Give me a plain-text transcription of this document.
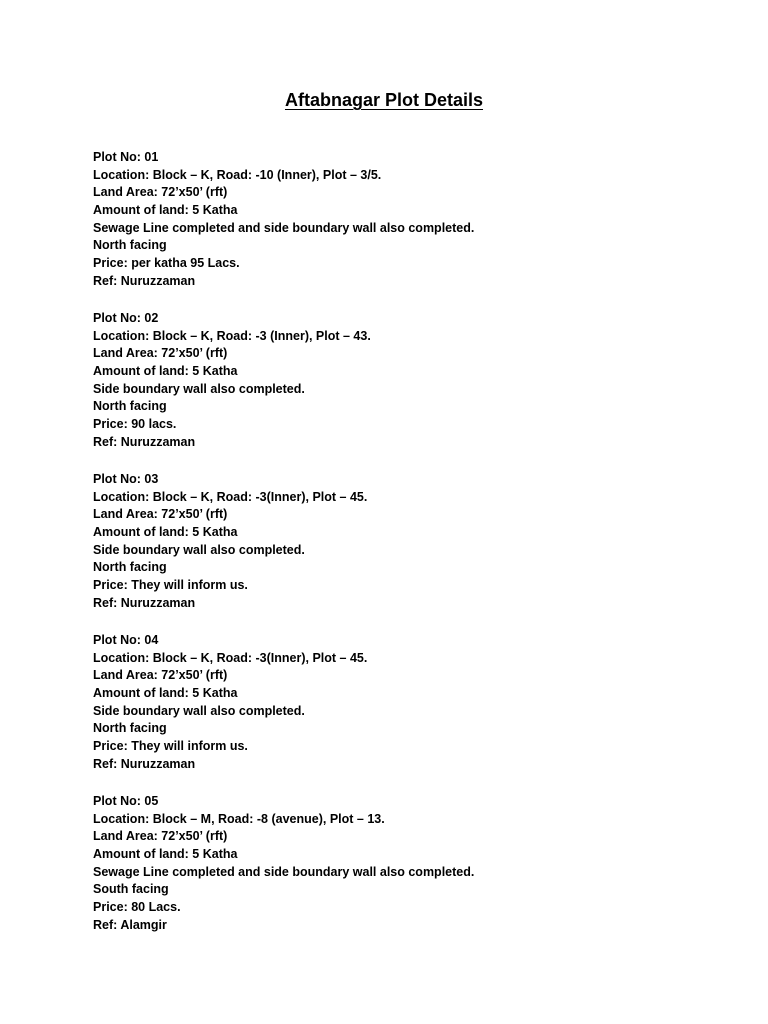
Aftabnagar Plot Details
Plot No: 01
Location: Block – K, Road: -10 (Inner), Plot – 3/5.
Land Area: 72’x50’ (rft)
Amount of land: 5 Katha
Sewage Line completed and side boundary wall also completed.
North facing
Price: per katha 95 Lacs.
Ref: Nuruzzaman
Plot No: 02
Location: Block – K, Road: -3 (Inner), Plot – 43.
Land Area: 72’x50’ (rft)
Amount of land: 5 Katha
Side boundary wall also completed.
North facing
Price: 90 lacs.
Ref: Nuruzzaman
Plot No: 03
Location: Block – K, Road: -3(Inner), Plot – 45.
Land Area: 72’x50’ (rft)
Amount of land: 5 Katha
Side boundary wall also completed.
North facing
Price: They will inform us.
Ref: Nuruzzaman
Plot No: 04
Location: Block – K, Road: -3(Inner), Plot – 45.
Land Area: 72’x50’ (rft)
Amount of land: 5 Katha
Side boundary wall also completed.
North facing
Price: They will inform us.
Ref: Nuruzzaman
Plot No: 05
Location: Block – M, Road: -8 (avenue), Plot – 13.
Land Area: 72’x50’ (rft)
Amount of land: 5 Katha
Sewage Line completed and side boundary wall also completed.
South facing
Price: 80 Lacs.
Ref: Alamgir
